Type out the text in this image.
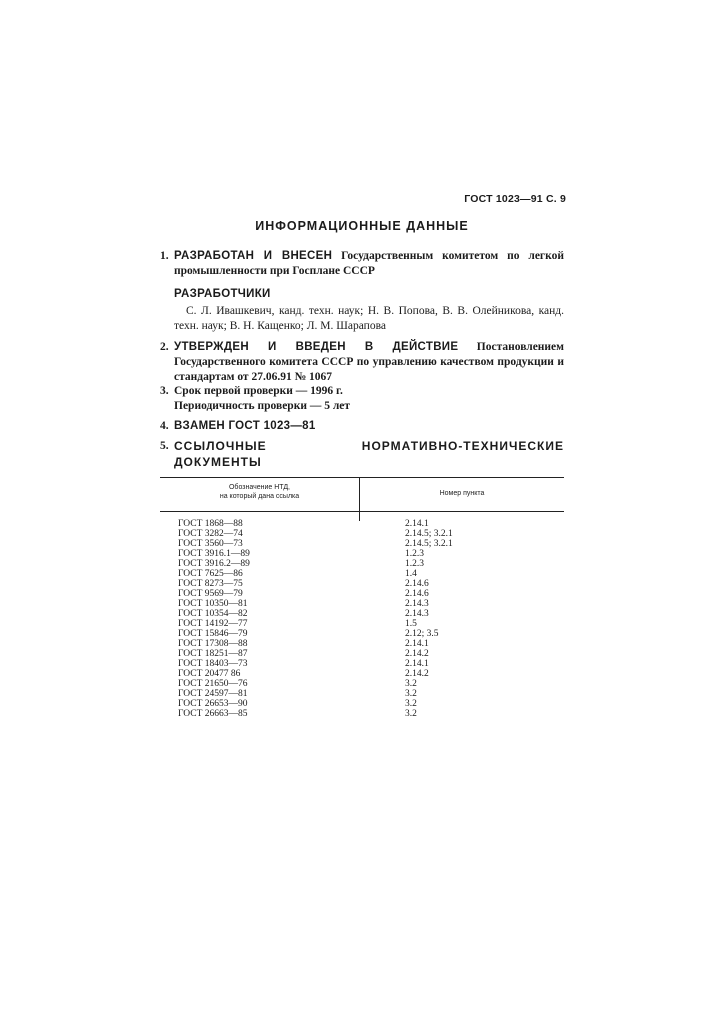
ГОСТ 1023—91 С. 9
ИНФОРМАЦИОННЫЕ ДАННЫЕ
1. РАЗРАБОТАН И ВНЕСЕН Государственным комитетом по легкой промышленности при Госплане СССР
РАЗРАБОТЧИКИ
С. Л. Ивашкевич, канд. техн. наук; Н. В. Попова, В. В. Олейникова, канд. техн. наук; В. Н. Кащенко; Л. М. Шарапова
2. УТВЕРЖДЕН И ВВЕДЕН В ДЕЙСТВИЕ Постановлением Государственного комитета СССР по управлению качеством продукции и стандартам от 27.06.91 № 1067
3. Срок первой проверки — 1996 г.
Периодичность проверки — 5 лет
4. ВЗАМЕН ГОСТ 1023—81
5. ССЫЛОЧНЫЕ НОРМАТИВНО-ТЕХНИЧЕСКИЕ ДОКУМЕНТЫ
Обозначение НТД,
на который дана ссылка	Номер пункта
ГОСТ 1868—88	2.14.1
ГОСТ 3282—74	2.14.5; 3.2.1
ГОСТ 3560—73	2.14.5; 3.2.1
ГОСТ 3916.1—89	1.2.3
ГОСТ 3916.2—89	1.2.3
ГОСТ 7625—86	1.4
ГОСТ 8273—75	2.14.6
ГОСТ 9569—79	2.14.6
ГОСТ 10350—81	2.14.3
ГОСТ 10354—82	2.14.3
ГОСТ 14192—77	1.5
ГОСТ 15846—79	2.12; 3.5
ГОСТ 17308—88	2.14.1
ГОСТ 18251—87	2.14.2
ГОСТ 18403—73	2.14.1
ГОСТ 20477 86	2.14.2
ГОСТ 21650—76	3.2
ГОСТ 24597—81	3.2
ГОСТ 26653—90	3.2
ГОСТ 26663—85	3.2
